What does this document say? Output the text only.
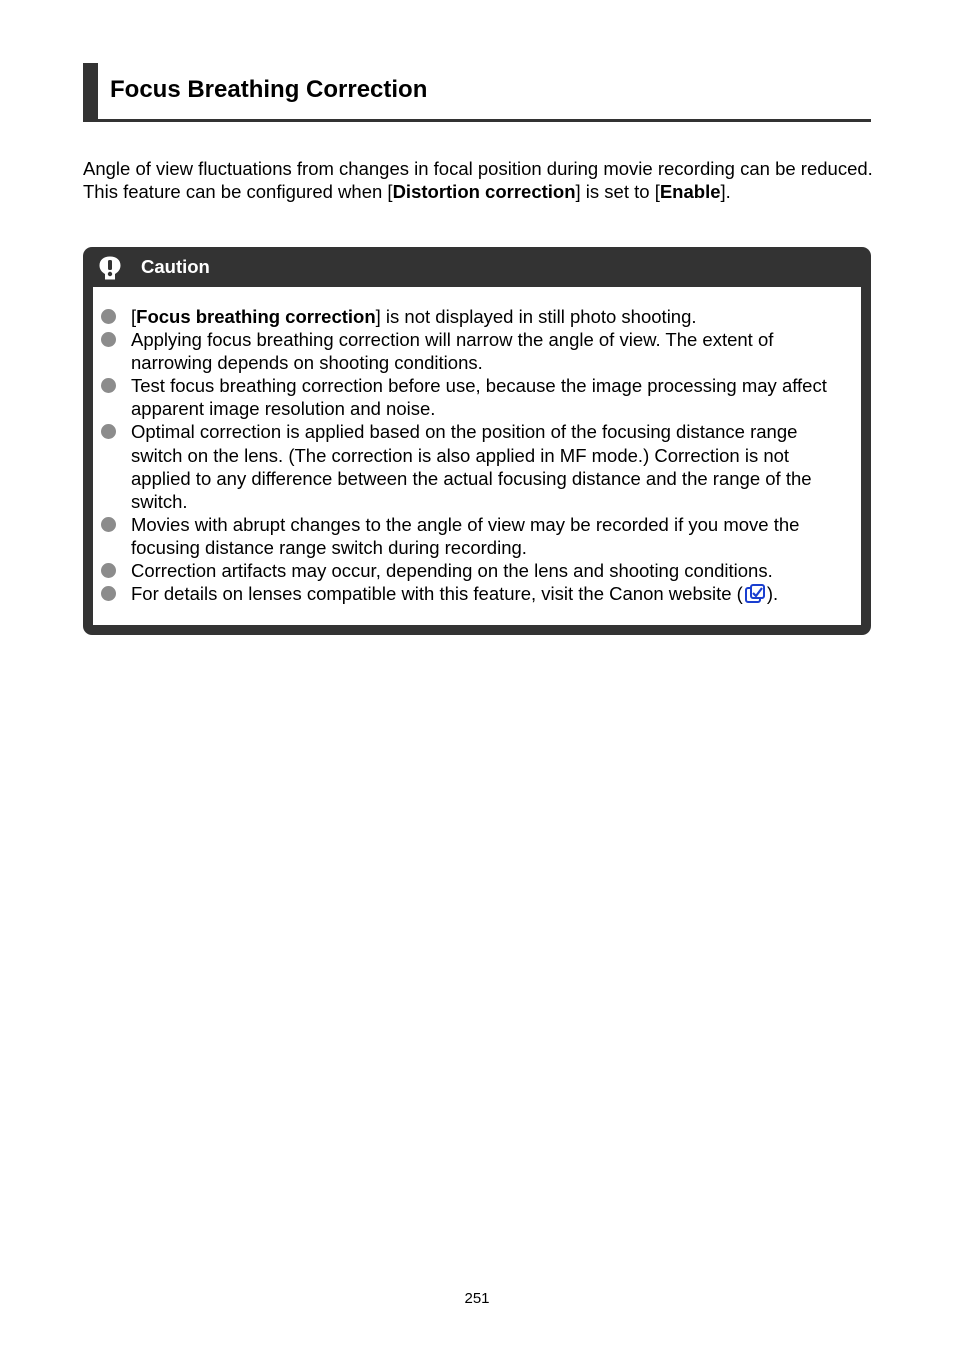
Focus Breathing Correction

Angle of view fluctuations from changes in focal position during movie recording can be reduced.

This feature can be configured when [Distortion correction] is set to [Enable].

Caution
[Focus breathing correction] is not displayed in still photo shooting.
Applying focus breathing correction will narrow the angle of view. The extent of narrowing depends on shooting conditions.
Test focus breathing correction before use, because the image processing may affect apparent image resolution and noise.
Optimal correction is applied based on the position of the focusing distance range switch on the lens. (The correction is also applied in MF mode.) Correction is not applied to any difference between the actual focusing distance and the range of the switch.
Movies with abrupt changes to the angle of view may be recorded if you move the focusing distance range switch during recording.
Correction artifacts may occur, depending on the lens and shooting conditions.
For details on lenses compatible with this feature, visit the Canon website ( ).
251
